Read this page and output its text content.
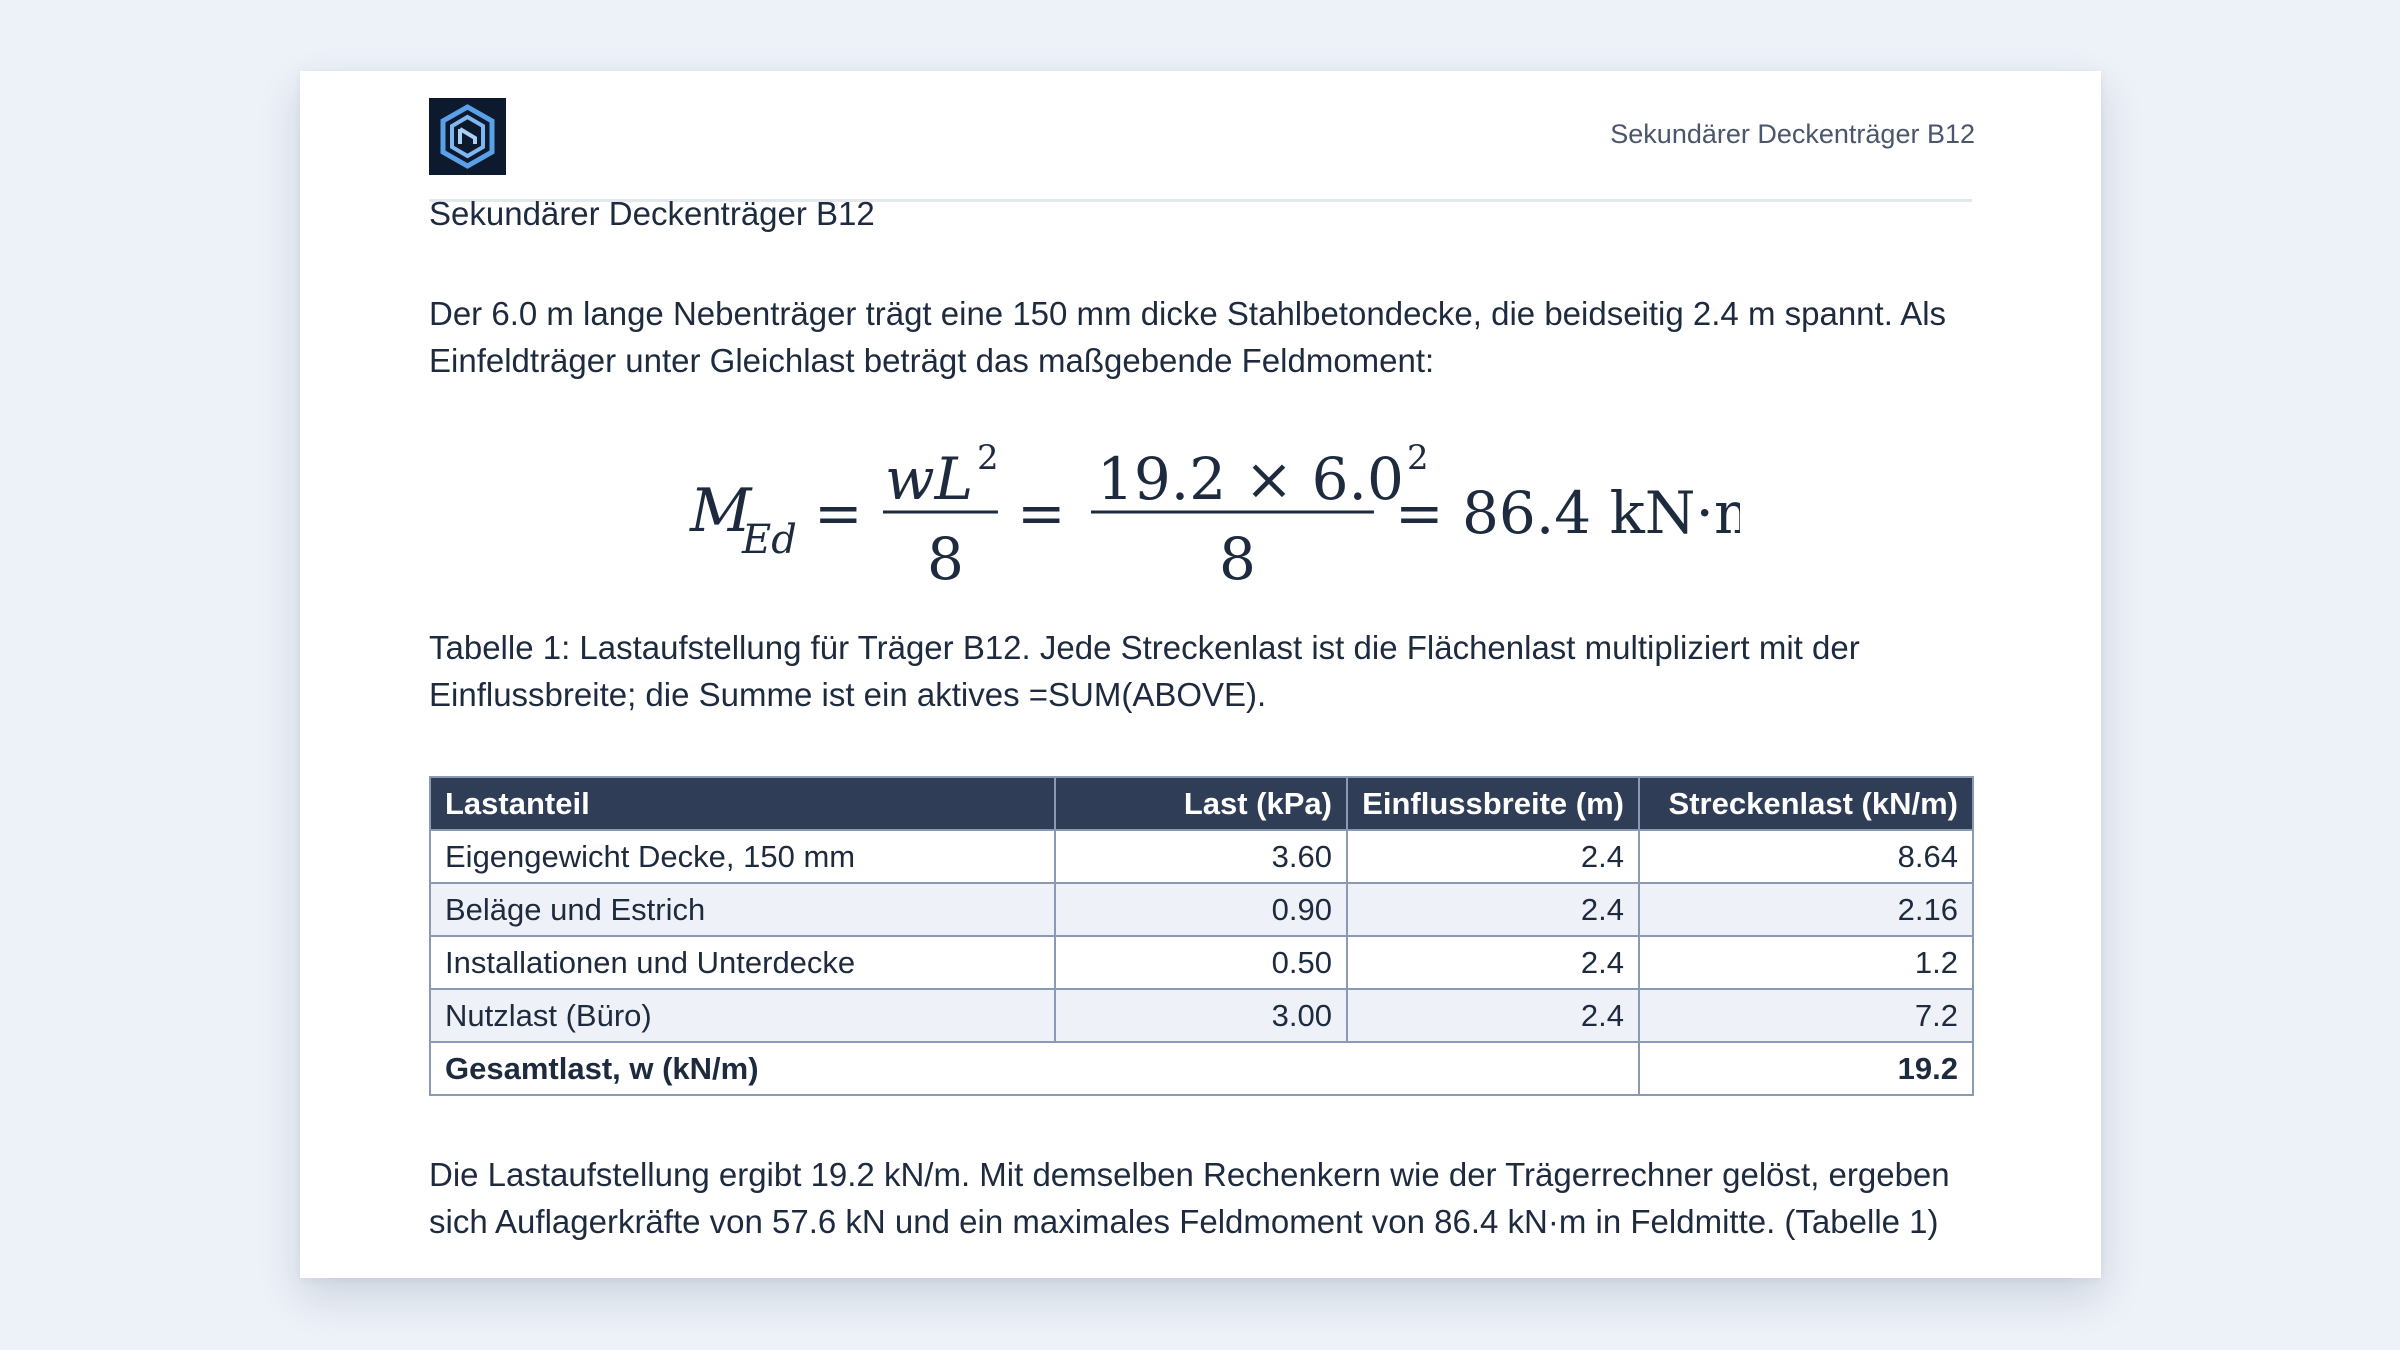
Sekundärer Deckenträger B12
Sekundärer Deckenträger B12
Der 6.0 m lange Nebenträger trägt eine 150 mm dicke Stahlbetondecke, die beidseitig 2.4 m spannt. Als Einfeldträger unter Gleichlast beträgt das maßgebende Feldmoment:
M
Ed = wL 2
8
= 19.2 × 6.0 2
8
= 86.4 kN·m
Tabelle 1: Lastaufstellung für Träger B12. Jede Streckenlast ist die Flächenlast multipliziert mit der Einflussbreite; die Summe ist ein aktives =SUM(ABOVE).
Lastanteil	Last (kPa)	Einflussbreite (m)	Streckenlast (kN/m)
Eigengewicht Decke, 150 mm	3.60	2.4	8.64
Beläge und Estrich	0.90	2.4	2.16
Installationen und Unterdecke	0.50	2.4	1.2
Nutzlast (Büro)	3.00	2.4	7.2
Gesamtlast, w (kN/m)			19.2
Die Lastaufstellung ergibt 19.2 kN/m. Mit demselben Rechenkern wie der Trägerrechner gelöst, ergeben sich Auflagerkräfte von 57.6 kN und ein maximales Feldmoment von 86.4 kN·m in Feldmitte. (Tabelle 1)
